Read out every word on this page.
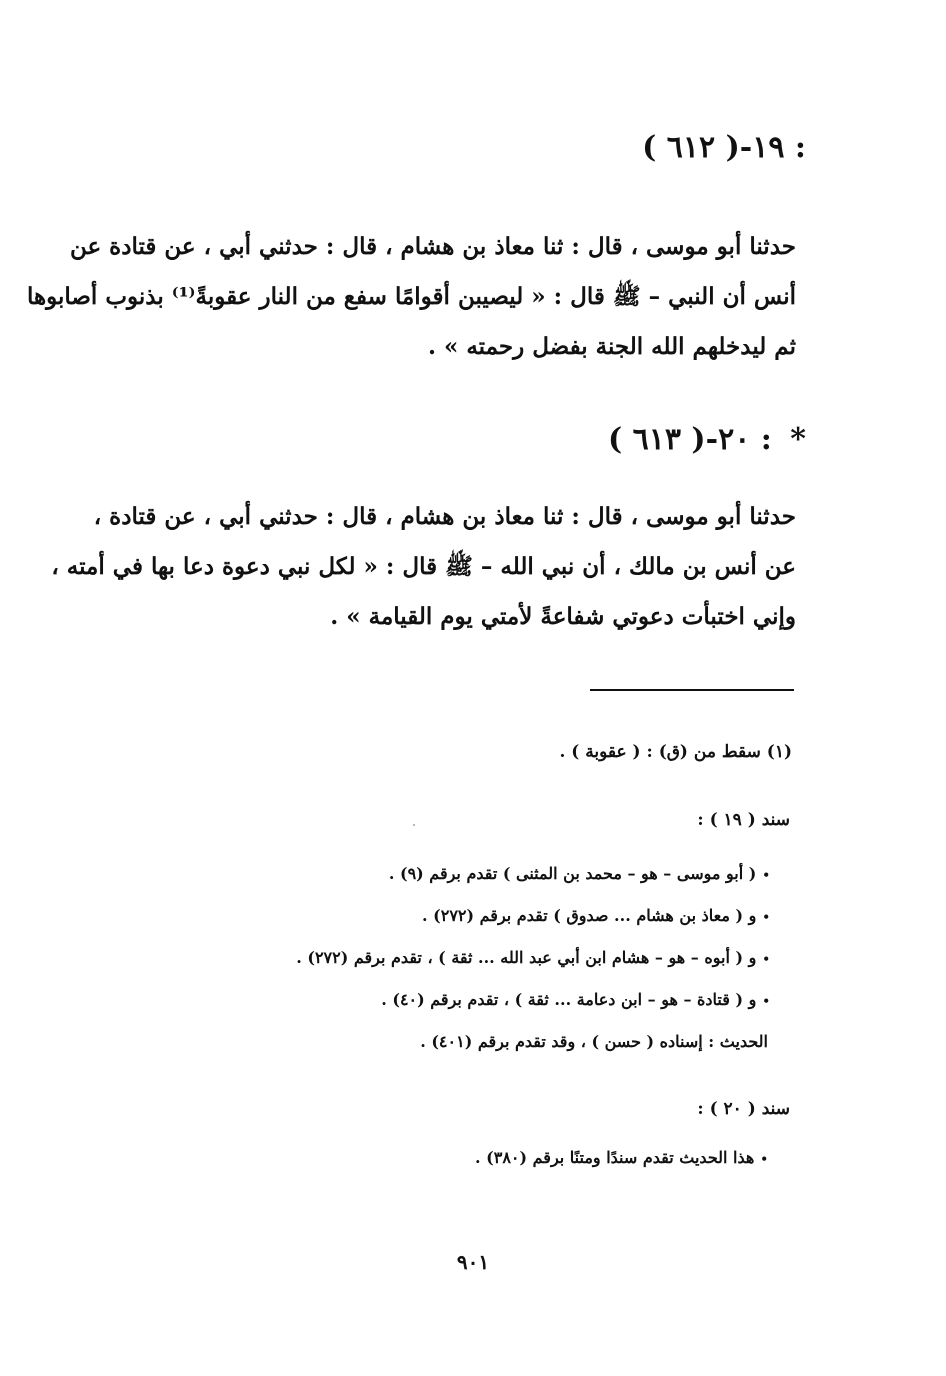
١٩-( ٦١٢ ) :
حدثنا أبو موسى ، قال : ثنا معاذ بن هشام ، قال : حدثني أبي ، عن قتادة عن
أنس أن النبي – ﷺ قال : « ليصيبن أقوامًا سفع من النار عقوبةً⁽¹⁾ بذنوب أصابوها
ثم ليدخلهم الله الجنة بفضل رحمته » .
٢٠-( ٦١٣ ) : *
حدثنا أبو موسى ، قال : ثنا معاذ بن هشام ، قال : حدثني أبي ، عن قتادة ،
عن أنس بن مالك ، أن نبي الله – ﷺ قال : « لكل نبي دعوة دعا بها في أمته ،
وإني اختبأت دعوتي شفاعةً لأمتي يوم القيامة » .
(١) سقط من (ق) : ( عقوبة ) .
سند ( ١٩ ) :
•( أبو موسى – هو – محمد بن المثنى ) تقدم برقم (٩) .
•و ( معاذ بن هشام ... صدوق ) تقدم برقم (٢٧٢) .
•و ( أبوه – هو – هشام ابن أبي عبد الله ... ثقة ) ، تقدم برقم (٢٧٢) .
•و ( قتادة – هو – ابن دعامة ... ثقة ) ، تقدم برقم (٤٠) .
الحديث : إسناده ( حسن ) ، وقد تقدم برقم (٤٠١) .
سند ( ٢٠ ) :
•هذا الحديث تقدم سندًا ومتنًا برقم (٣٨٠) .
٩٠١
